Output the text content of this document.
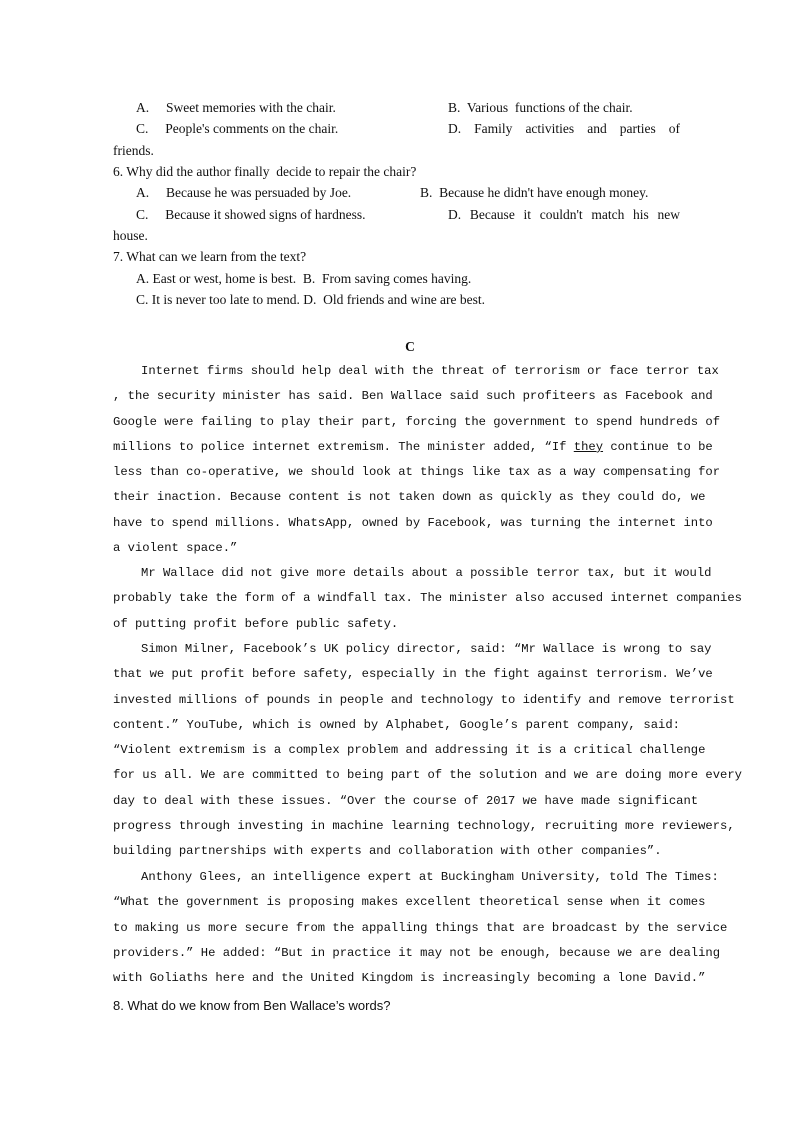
A.     Sweet memories with the chair.	B.  Various  functions of the chair.
C.     People's comments on the chair.	D.   Family   activities   and   parties   of
friends.
6. Why did the author finally  decide to repair the chair?
A.     Because he was persuaded by Joe.	B.  Because he didn't have enough money.
C.     Because it showed signs of hardness.	D.  Because  it  couldn't  match  his  new
house.
7. What can we learn from the text?
A. East or west, home is best.  B.  From saving comes having.
C. It is never too late to mend. D.  Old friends and wine are best.
C
Internet firms should help deal with the threat of terrorism or face terror tax
, the security minister has said. Ben Wallace said such profiteers as Facebook and
Google were failing to play their part, forcing the government to spend hundreds of
millions to police internet extremism. The minister added, “If they continue to be
less than co-operative, we should look at things like tax as a way compensating for
their inaction. Because content is not taken down as quickly as they could do, we
have to spend millions. WhatsApp, owned by Facebook, was turning the internet into
a violent space.”
Mr Wallace did not give more details about a possible terror tax, but it would
probably take the form of a windfall tax. The minister also accused internet companies
of putting profit before public safety.
Simon Milner, Facebook’s UK policy director, said: “Mr Wallace is wrong to say
that we put profit before safety, especially in the fight against terrorism. We’ve
invested millions of pounds in people and technology to identify and remove terrorist
content.” YouTube, which is owned by Alphabet, Google’s parent company, said:
“Violent extremism is a complex problem and addressing it is a critical challenge
for us all. We are committed to being part of the solution and we are doing more every
day to deal with these issues. “Over the course of 2017 we have made significant
progress through investing in machine learning technology, recruiting more reviewers,
building partnerships with experts and collaboration with other companies”.
Anthony Glees, an intelligence expert at Buckingham University, told The Times:
“What the government is proposing makes excellent theoretical sense when it comes
to making us more secure from the appalling things that are broadcast by the service
providers.” He added: “But in practice it may not be enough, because we are dealing
with Goliaths here and the United Kingdom is increasingly becoming a lone David.”
8. What do we know from Ben Wallace’s words?
